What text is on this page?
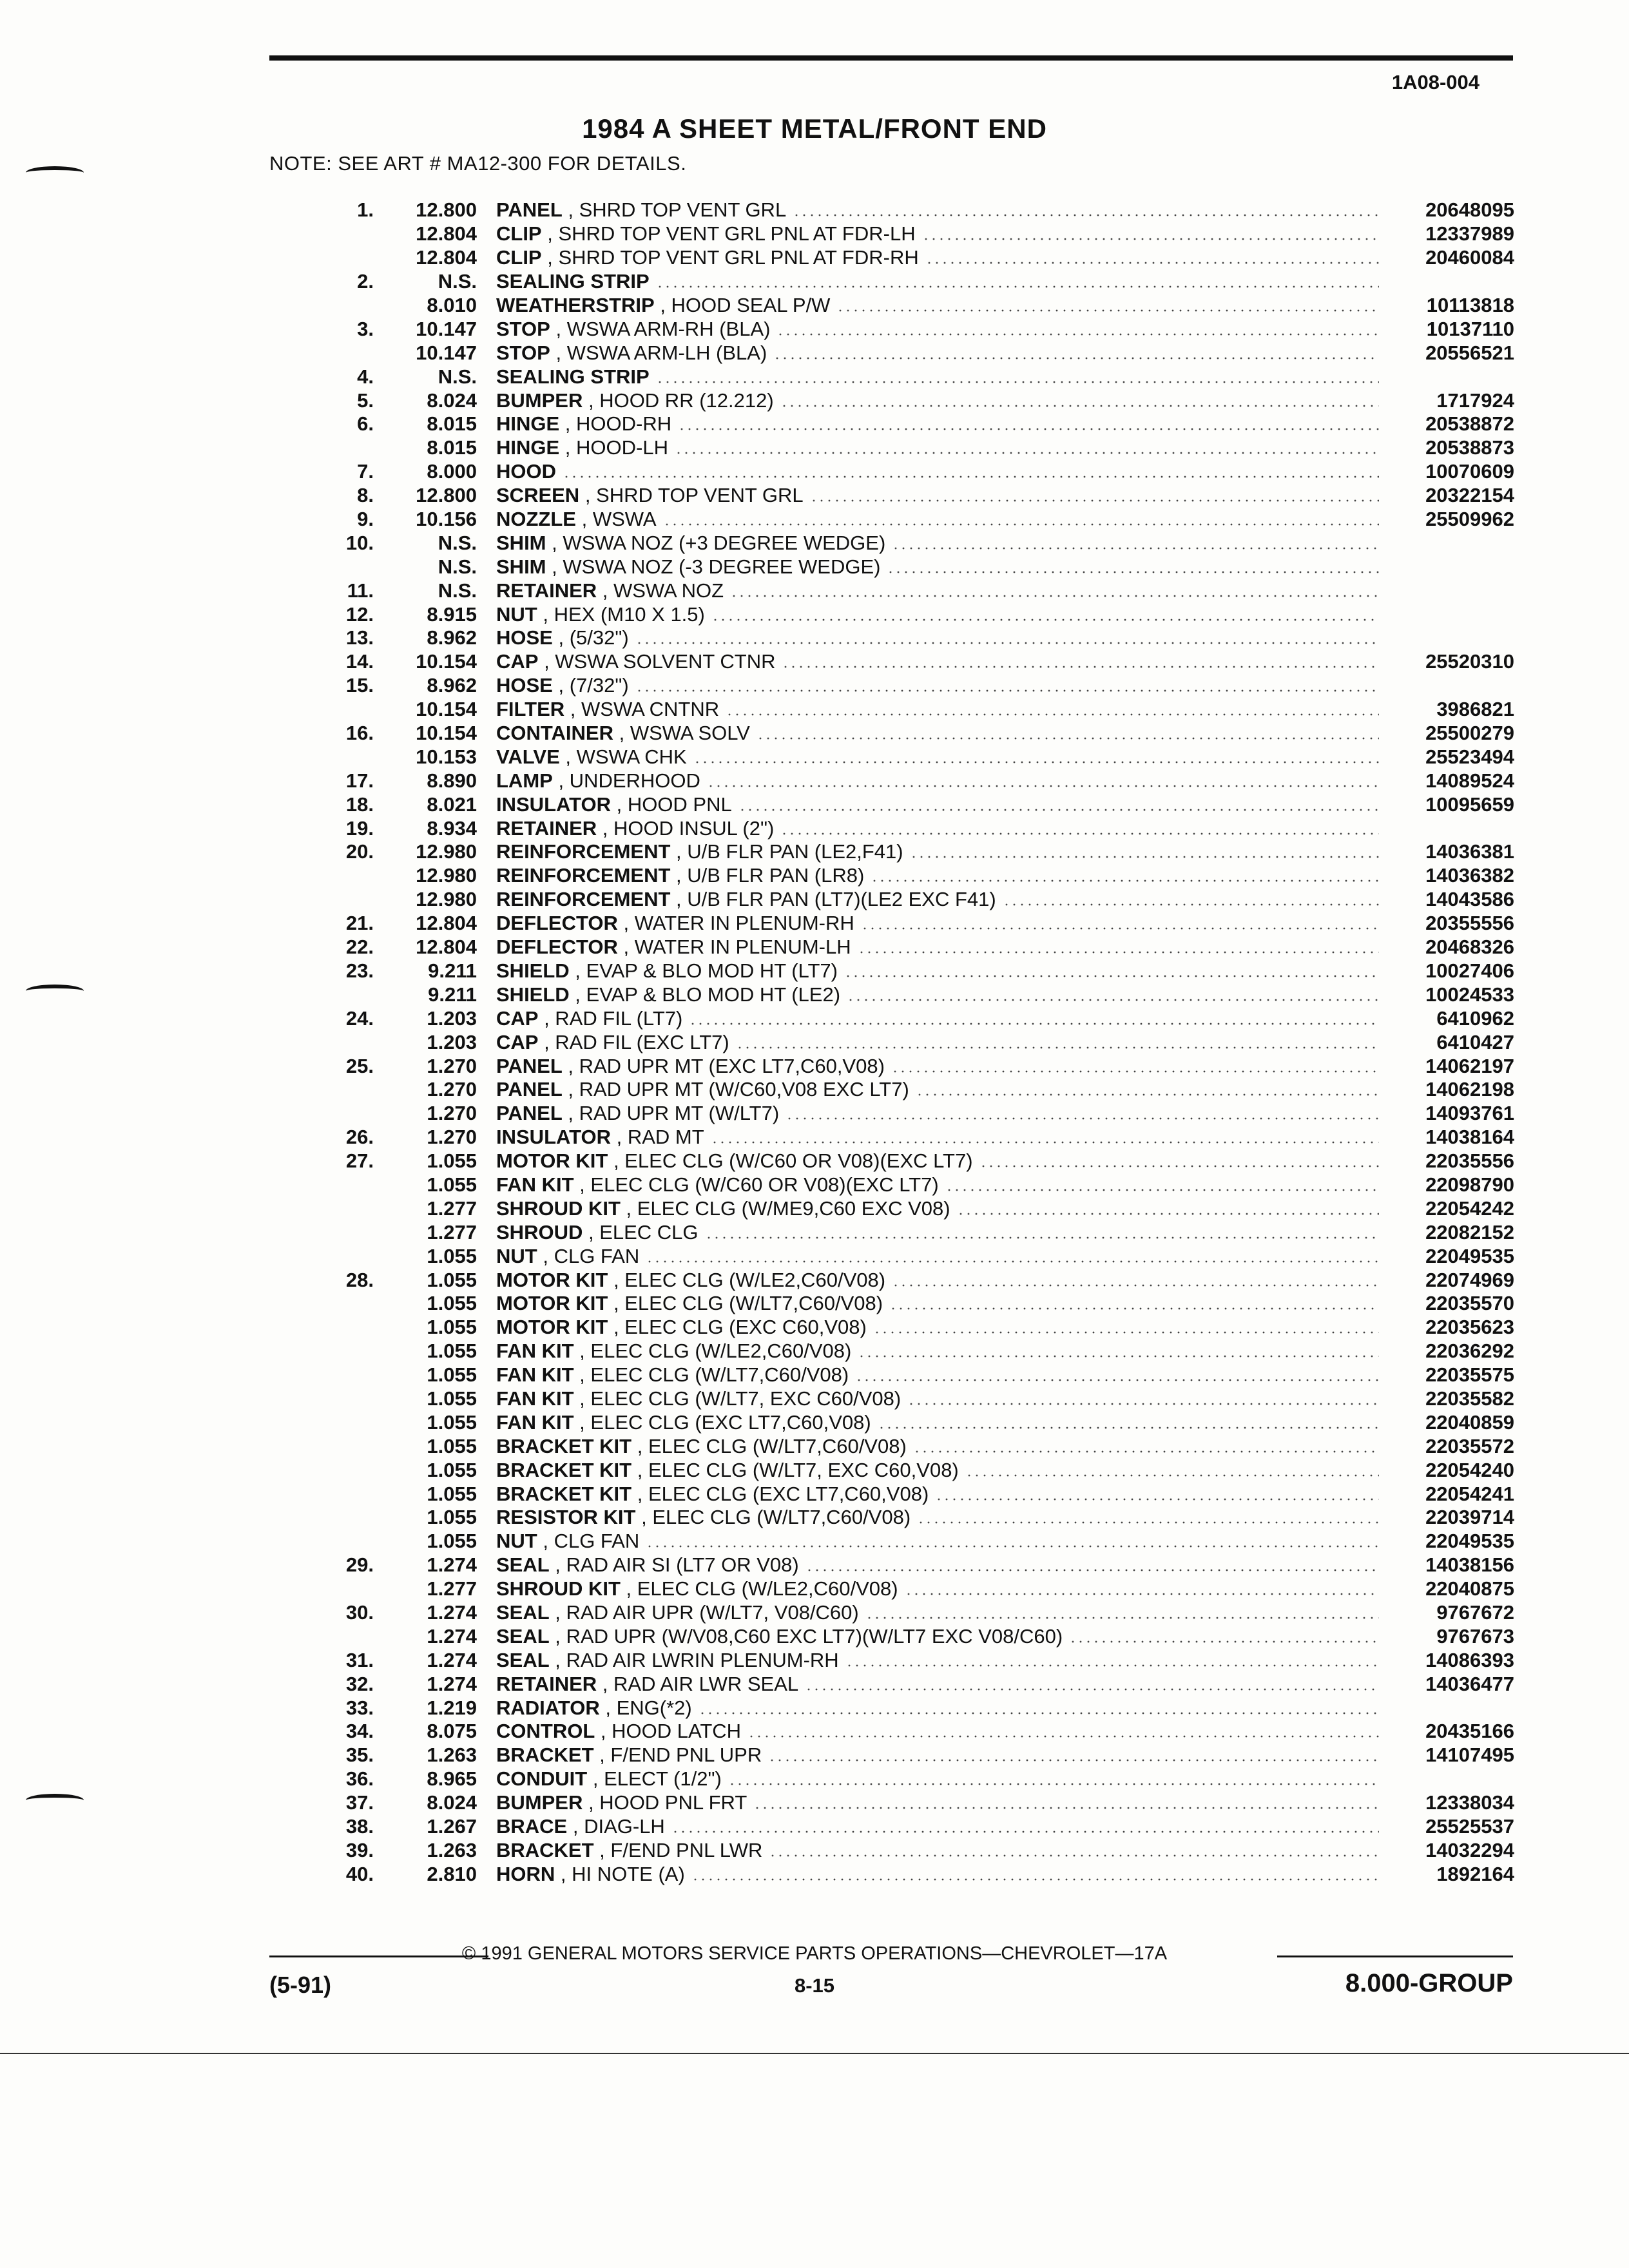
1A08-004
1984 A SHEET METAL/FRONT END
NOTE: SEE ART # MA12-300 FOR DETAILS.
1.	12.800 PANEL , SHRD TOP VENT GRL	20648095
12.804 CLIP , SHRD TOP VENT GRL PNL AT FDR-LH	12337989
12.804 CLIP , SHRD TOP VENT GRL PNL AT FDR-RH	20460084
2.	N.S. SEALING STRIP
8.010 WEATHERSTRIP , HOOD SEAL P/W	10113818
3.	10.147 STOP , WSWA ARM-RH (BLA)	10137110
10.147 STOP , WSWA ARM-LH (BLA)	20556521
4.	N.S. SEALING STRIP
5.	8.024 BUMPER , HOOD RR (12.212)	1717924
6.	8.015 HINGE , HOOD-RH	20538872
8.015 HINGE , HOOD-LH	20538873
7.	8.000 HOOD	10070609
8.	12.800 SCREEN , SHRD TOP VENT GRL	20322154
9.	10.156 NOZZLE , WSWA	25509962
10.	N.S. SHIM , WSWA NOZ (+3 DEGREE WEDGE)
N.S. SHIM , WSWA NOZ (-3 DEGREE WEDGE)
11.	N.S. RETAINER , WSWA NOZ
12.	8.915 NUT , HEX (M10 X 1.5)
13.	8.962 HOSE , (5/32")
14.	10.154 CAP , WSWA SOLVENT CTNR	25520310
15.	8.962 HOSE , (7/32")
10.154 FILTER , WSWA CNTNR	3986821
16.	10.154 CONTAINER , WSWA SOLV	25500279
10.153 VALVE , WSWA CHK	25523494
17.	8.890 LAMP , UNDERHOOD	14089524
18.	8.021 INSULATOR , HOOD PNL	10095659
19.	8.934 RETAINER , HOOD INSUL (2")
20.	12.980 REINFORCEMENT , U/B FLR PAN (LE2,F41)	14036381
12.980 REINFORCEMENT , U/B FLR PAN (LR8)	14036382
12.980 REINFORCEMENT , U/B FLR PAN (LT7)(LE2 EXC F41)	14043586
21.	12.804 DEFLECTOR , WATER IN PLENUM-RH	20355556
22.	12.804 DEFLECTOR , WATER IN PLENUM-LH	20468326
23.	9.211 SHIELD , EVAP & BLO MOD HT (LT7)	10027406
9.211 SHIELD , EVAP & BLO MOD HT (LE2)	10024533
24.	1.203 CAP , RAD FIL (LT7)	6410962
1.203 CAP , RAD FIL (EXC LT7)	6410427
25.	1.270 PANEL , RAD UPR MT (EXC LT7,C60,V08)	14062197
1.270 PANEL , RAD UPR MT (W/C60,V08 EXC LT7)	14062198
1.270 PANEL , RAD UPR MT (W/LT7)	14093761
26.	1.270 INSULATOR , RAD MT	14038164
27.	1.055 MOTOR KIT , ELEC CLG (W/C60 OR V08)(EXC LT7)	22035556
1.055 FAN KIT , ELEC CLG (W/C60 OR V08)(EXC LT7)	22098790
1.277 SHROUD KIT , ELEC CLG (W/ME9,C60 EXC V08)	22054242
1.277 SHROUD , ELEC CLG	22082152
1.055 NUT , CLG FAN	22049535
28.	1.055 MOTOR KIT , ELEC CLG (W/LE2,C60/V08)	22074969
1.055 MOTOR KIT , ELEC CLG (W/LT7,C60/V08)	22035570
1.055 MOTOR KIT , ELEC CLG (EXC C60,V08)	22035623
1.055 FAN KIT , ELEC CLG (W/LE2,C60/V08)	22036292
1.055 FAN KIT , ELEC CLG (W/LT7,C60/V08)	22035575
1.055 FAN KIT , ELEC CLG (W/LT7, EXC C60/V08)	22035582
1.055 FAN KIT , ELEC CLG (EXC LT7,C60,V08)	22040859
1.055 BRACKET KIT , ELEC CLG (W/LT7,C60/V08)	22035572
1.055 BRACKET KIT , ELEC CLG (W/LT7, EXC C60,V08)	22054240
1.055 BRACKET KIT , ELEC CLG (EXC LT7,C60,V08)	22054241
1.055 RESISTOR KIT , ELEC CLG (W/LT7,C60/V08)	22039714
1.055 NUT , CLG FAN	22049535
29.	1.274 SEAL , RAD AIR SI (LT7 OR V08)	14038156
1.277 SHROUD KIT , ELEC CLG (W/LE2,C60/V08)	22040875
30.	1.274 SEAL , RAD AIR UPR (W/LT7, V08/C60)	9767672
1.274 SEAL , RAD UPR (W/V08,C60 EXC LT7)(W/LT7 EXC V08/C60)	9767673
31.	1.274 SEAL , RAD AIR LWRIN PLENUM-RH	14086393
32.	1.274 RETAINER , RAD AIR LWR SEAL	14036477
33.	1.219 RADIATOR , ENG(*2)
34.	8.075 CONTROL , HOOD LATCH	20435166
35.	1.263 BRACKET , F/END PNL UPR	14107495
36.	8.965 CONDUIT , ELECT (1/2")
37.	8.024 BUMPER , HOOD PNL FRT	12338034
38.	1.267 BRACE , DIAG-LH	25525537
39.	1.263 BRACKET , F/END PNL LWR	14032294
40.	2.810 HORN , HI NOTE (A)	1892164
© 1991 GENERAL MOTORS SERVICE PARTS OPERATIONS—CHEVROLET—17A
(5-91)	8-15	8.000-GROUP
